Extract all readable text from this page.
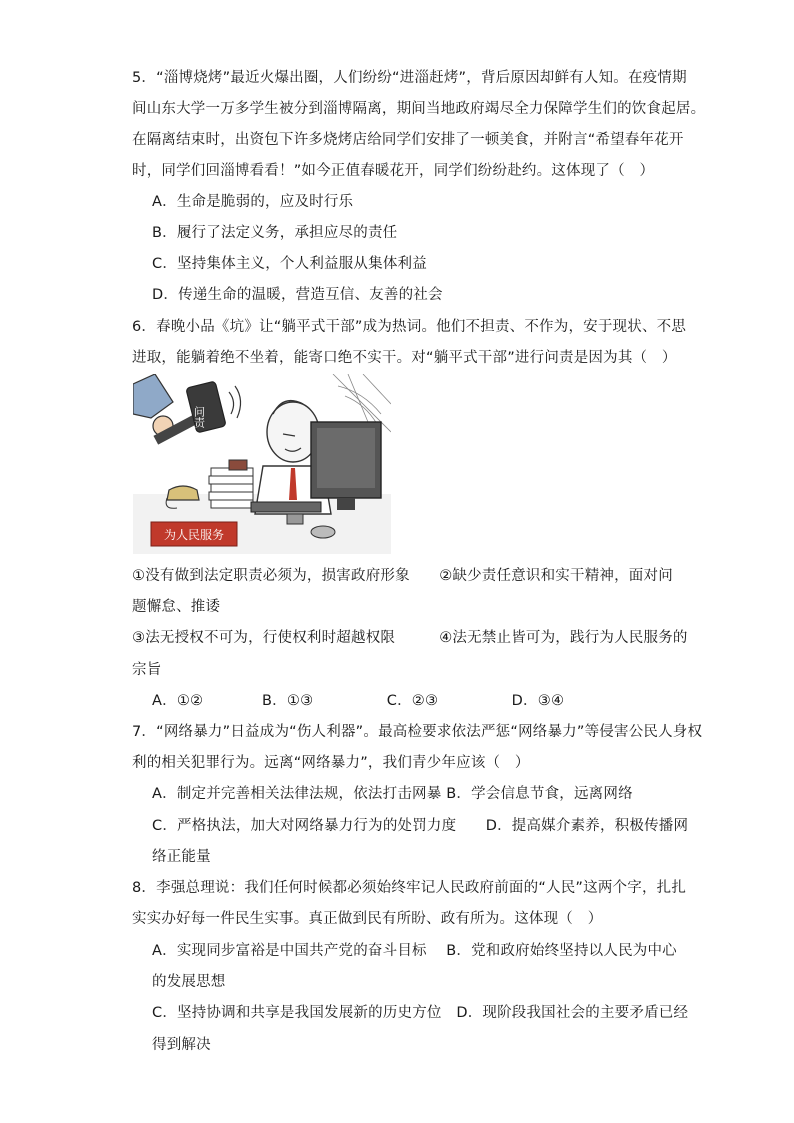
5．“淄博烧烤”最近火爆出圈，人们纷纷“进淄赶烤”，背后原因却鲜有人知。在疫情期
间山东大学一万多学生被分到淄博隔离，期间当地政府竭尽全力保障学生们的饮食起居。
在隔离结束时，出资包下许多烧烤店给同学们安排了一顿美食，并附言“希望春年花开
时，同学们回淄博看看！”如今正值春暖花开，同学们纷纷赴约。这体现了（　）
A．生命是脆弱的，应及时行乐
B．履行了法定义务，承担应尽的责任
C．坚持集体主义，个人利益服从集体利益
D．传递生命的温暖，营造互信、友善的社会
6．春晚小品《坑》让“躺平式干部”成为热词。他们不担责、不作为，安于现状、不思
进取，能躺着绝不坐着，能寄口绝不实干。对“躺平式干部”进行问责是因为其（　）
问责
为人民服务
①没有做到法定职责必须为，损害政府形象　　②缺少责任意识和实干精神，面对问
题懈怠、推诿
③法无授权不可为，行使权利时超越权限　　　④法无禁止皆可为，践行为人民服务的
宗旨
A．①②　　　　B．①③　　　　　C．②③　　　　　D．③④
7．“网络暴力”日益成为“伤人利器”。最高检要求依法严惩“网络暴力”等侵害公民人身权
利的相关犯罪行为。远离“网络暴力”，我们青少年应该（　）
A．制定并完善相关法律法规，依法打击网暴 B．学会信息节食，远离网络
C．严格执法，加大对网络暴力行为的处罚力度　　D．提高媒介素养，积极传播网
络正能量
8．李强总理说：我们任何时候都必须始终牢记人民政府前面的“人民”这两个字，扎扎
实实办好每一件民生实事。真正做到民有所盼、政有所为。这体现（　）
A．实现同步富裕是中国共产党的奋斗目标　 B．党和政府始终坚持以人民为中心
的发展思想
C．坚持协调和共享是我国发展新的历史方位　D．现阶段我国社会的主要矛盾已经
得到解决
